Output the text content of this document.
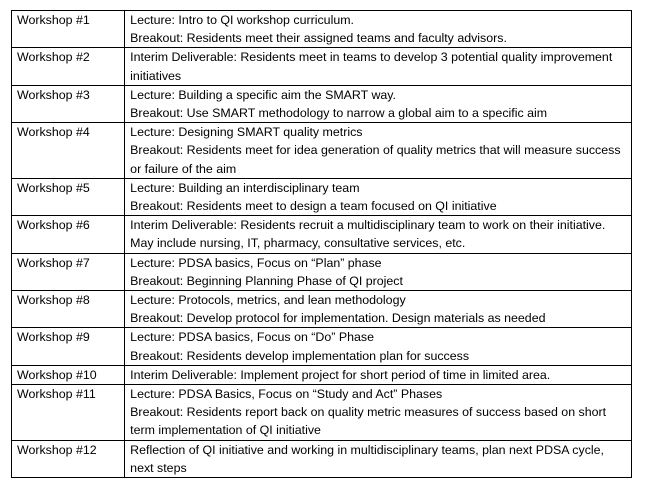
Workshop #1	Lecture: Intro to QI workshop curriculum.
Breakout: Residents meet their assigned teams and faculty advisors.

Workshop #2	Interim Deliverable: Residents meet in teams to develop 3 potential quality improvement initiatives

Workshop #3	Lecture: Building a specific aim the SMART way.
Breakout: Use SMART methodology to narrow a global aim to a specific aim

Workshop #4	Lecture: Designing SMART quality metrics
Breakout: Residents meet for idea generation of quality metrics that will measure success or failure of the aim

Workshop #5	Lecture: Building an interdisciplinary team
Breakout: Residents meet to design a team focused on QI initiative

Workshop #6	Interim Deliverable: Residents recruit a multidisciplinary team to work on their initiative. May include nursing, IT, pharmacy, consultative services, etc.

Workshop #7	Lecture: PDSA basics, Focus on “Plan” phase
Breakout: Beginning Planning Phase of QI project

Workshop #8	Lecture: Protocols, metrics, and lean methodology
Breakout: Develop protocol for implementation. Design materials as needed

Workshop #9	Lecture: PDSA basics, Focus on “Do” Phase
Breakout: Residents develop implementation plan for success

Workshop #10	Interim Deliverable: Implement project for short period of time in limited area.

Workshop #11	Lecture: PDSA Basics, Focus on “Study and Act” Phases
Breakout: Residents report back on quality metric measures of success based on short term implementation of QI initiative

Workshop #12	Reflection of QI initiative and working in multidisciplinary teams, plan next PDSA cycle, next steps
